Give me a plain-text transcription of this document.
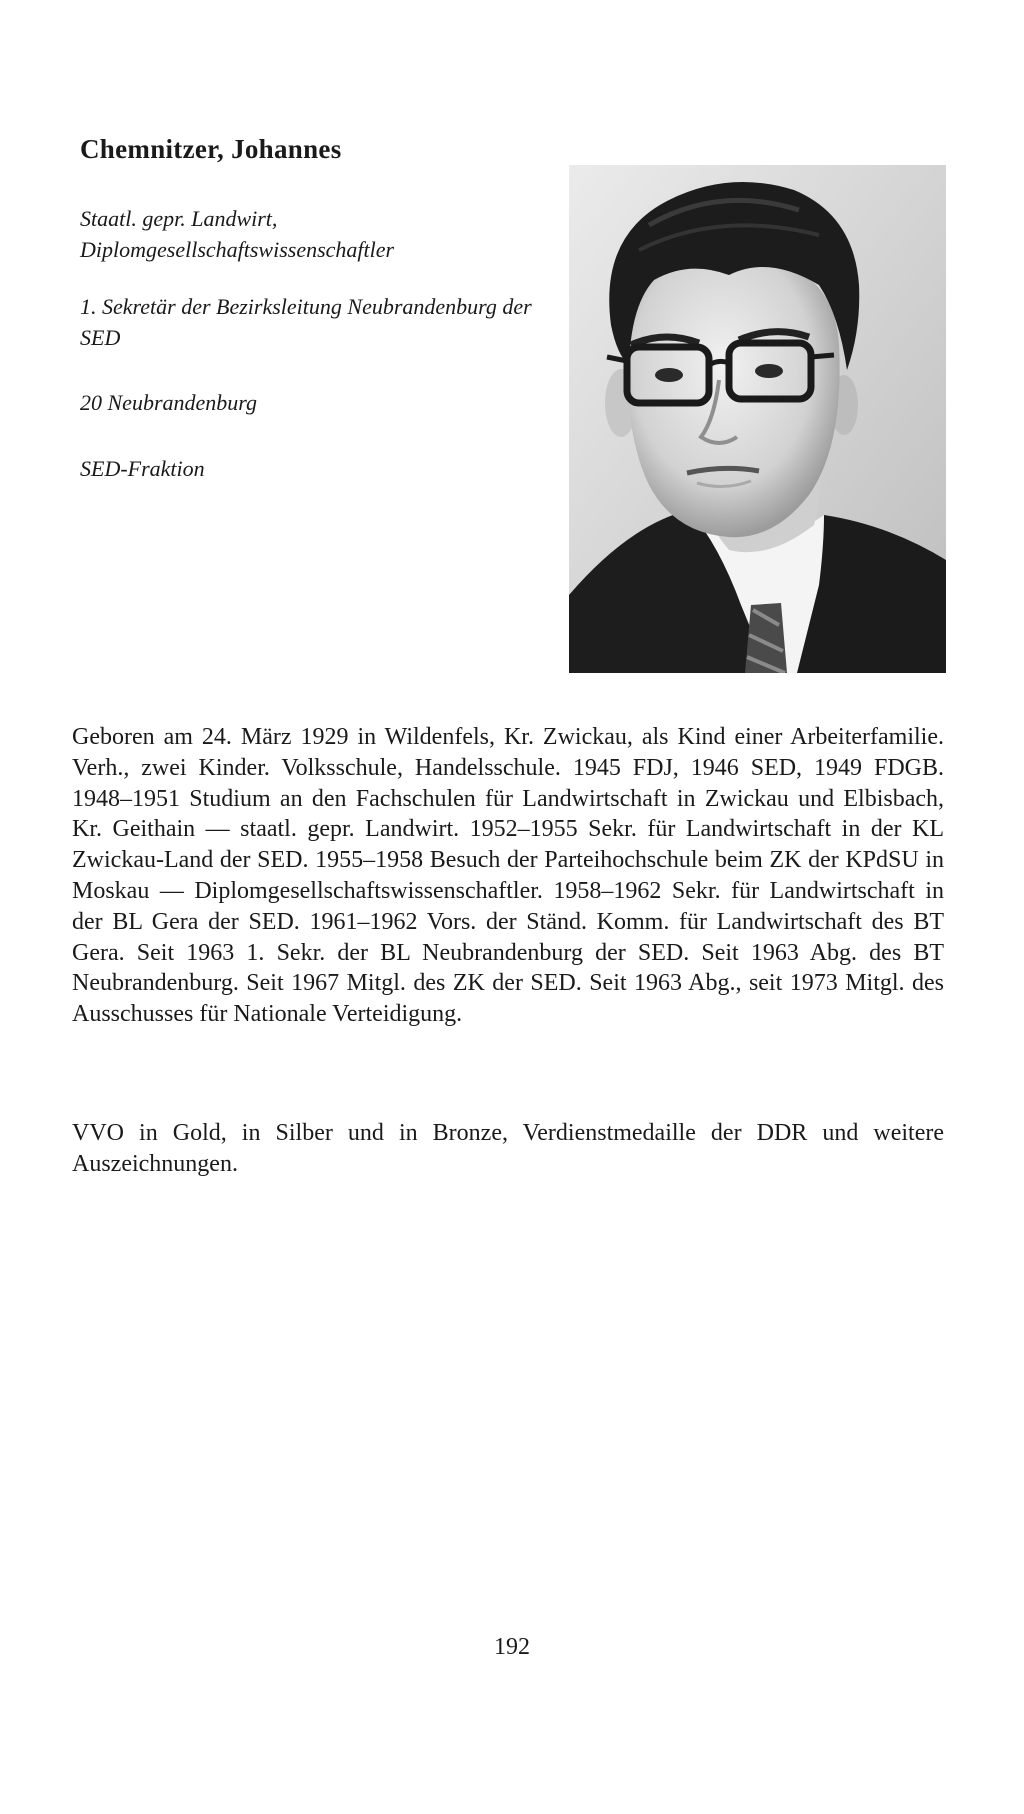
Chemnitzer, Johannes

Staatl. gepr. Landwirt, Diplomgesellschaftswissenschaftler

1. Sekretär der Bezirksleitung Neubrandenburg der SED

20 Neubrandenburg

SED-Fraktion

Geboren am 24. März 1929 in Wildenfels, Kr. Zwickau, als Kind einer Arbeiterfamilie. Verh., zwei Kinder. Volksschule, Handelsschule. 1945 FDJ, 1946 SED, 1949 FDGB. 1948–1951 Studium an den Fachschulen für Landwirtschaft in Zwickau und Elbisbach, Kr. Geithain — staatl. gepr. Landwirt. 1952–1955 Sekr. für Landwirtschaft in der KL Zwickau-Land der SED. 1955–1958 Besuch der Parteihochschule beim ZK der KPdSU in Moskau — Diplomgesellschaftswissenschaftler. 1958–1962 Sekr. für Landwirtschaft in der BL Gera der SED. 1961–1962 Vors. der Ständ. Komm. für Landwirtschaft des BT Gera. Seit 1963 1. Sekr. der BL Neubrandenburg der SED. Seit 1963 Abg. des BT Neubrandenburg. Seit 1967 Mitgl. des ZK der SED. Seit 1963 Abg., seit 1973 Mitgl. des Ausschusses für Nationale Verteidigung.

VVO in Gold, in Silber und in Bronze, Verdienstmedaille der DDR und weitere Auszeichnungen.

192
